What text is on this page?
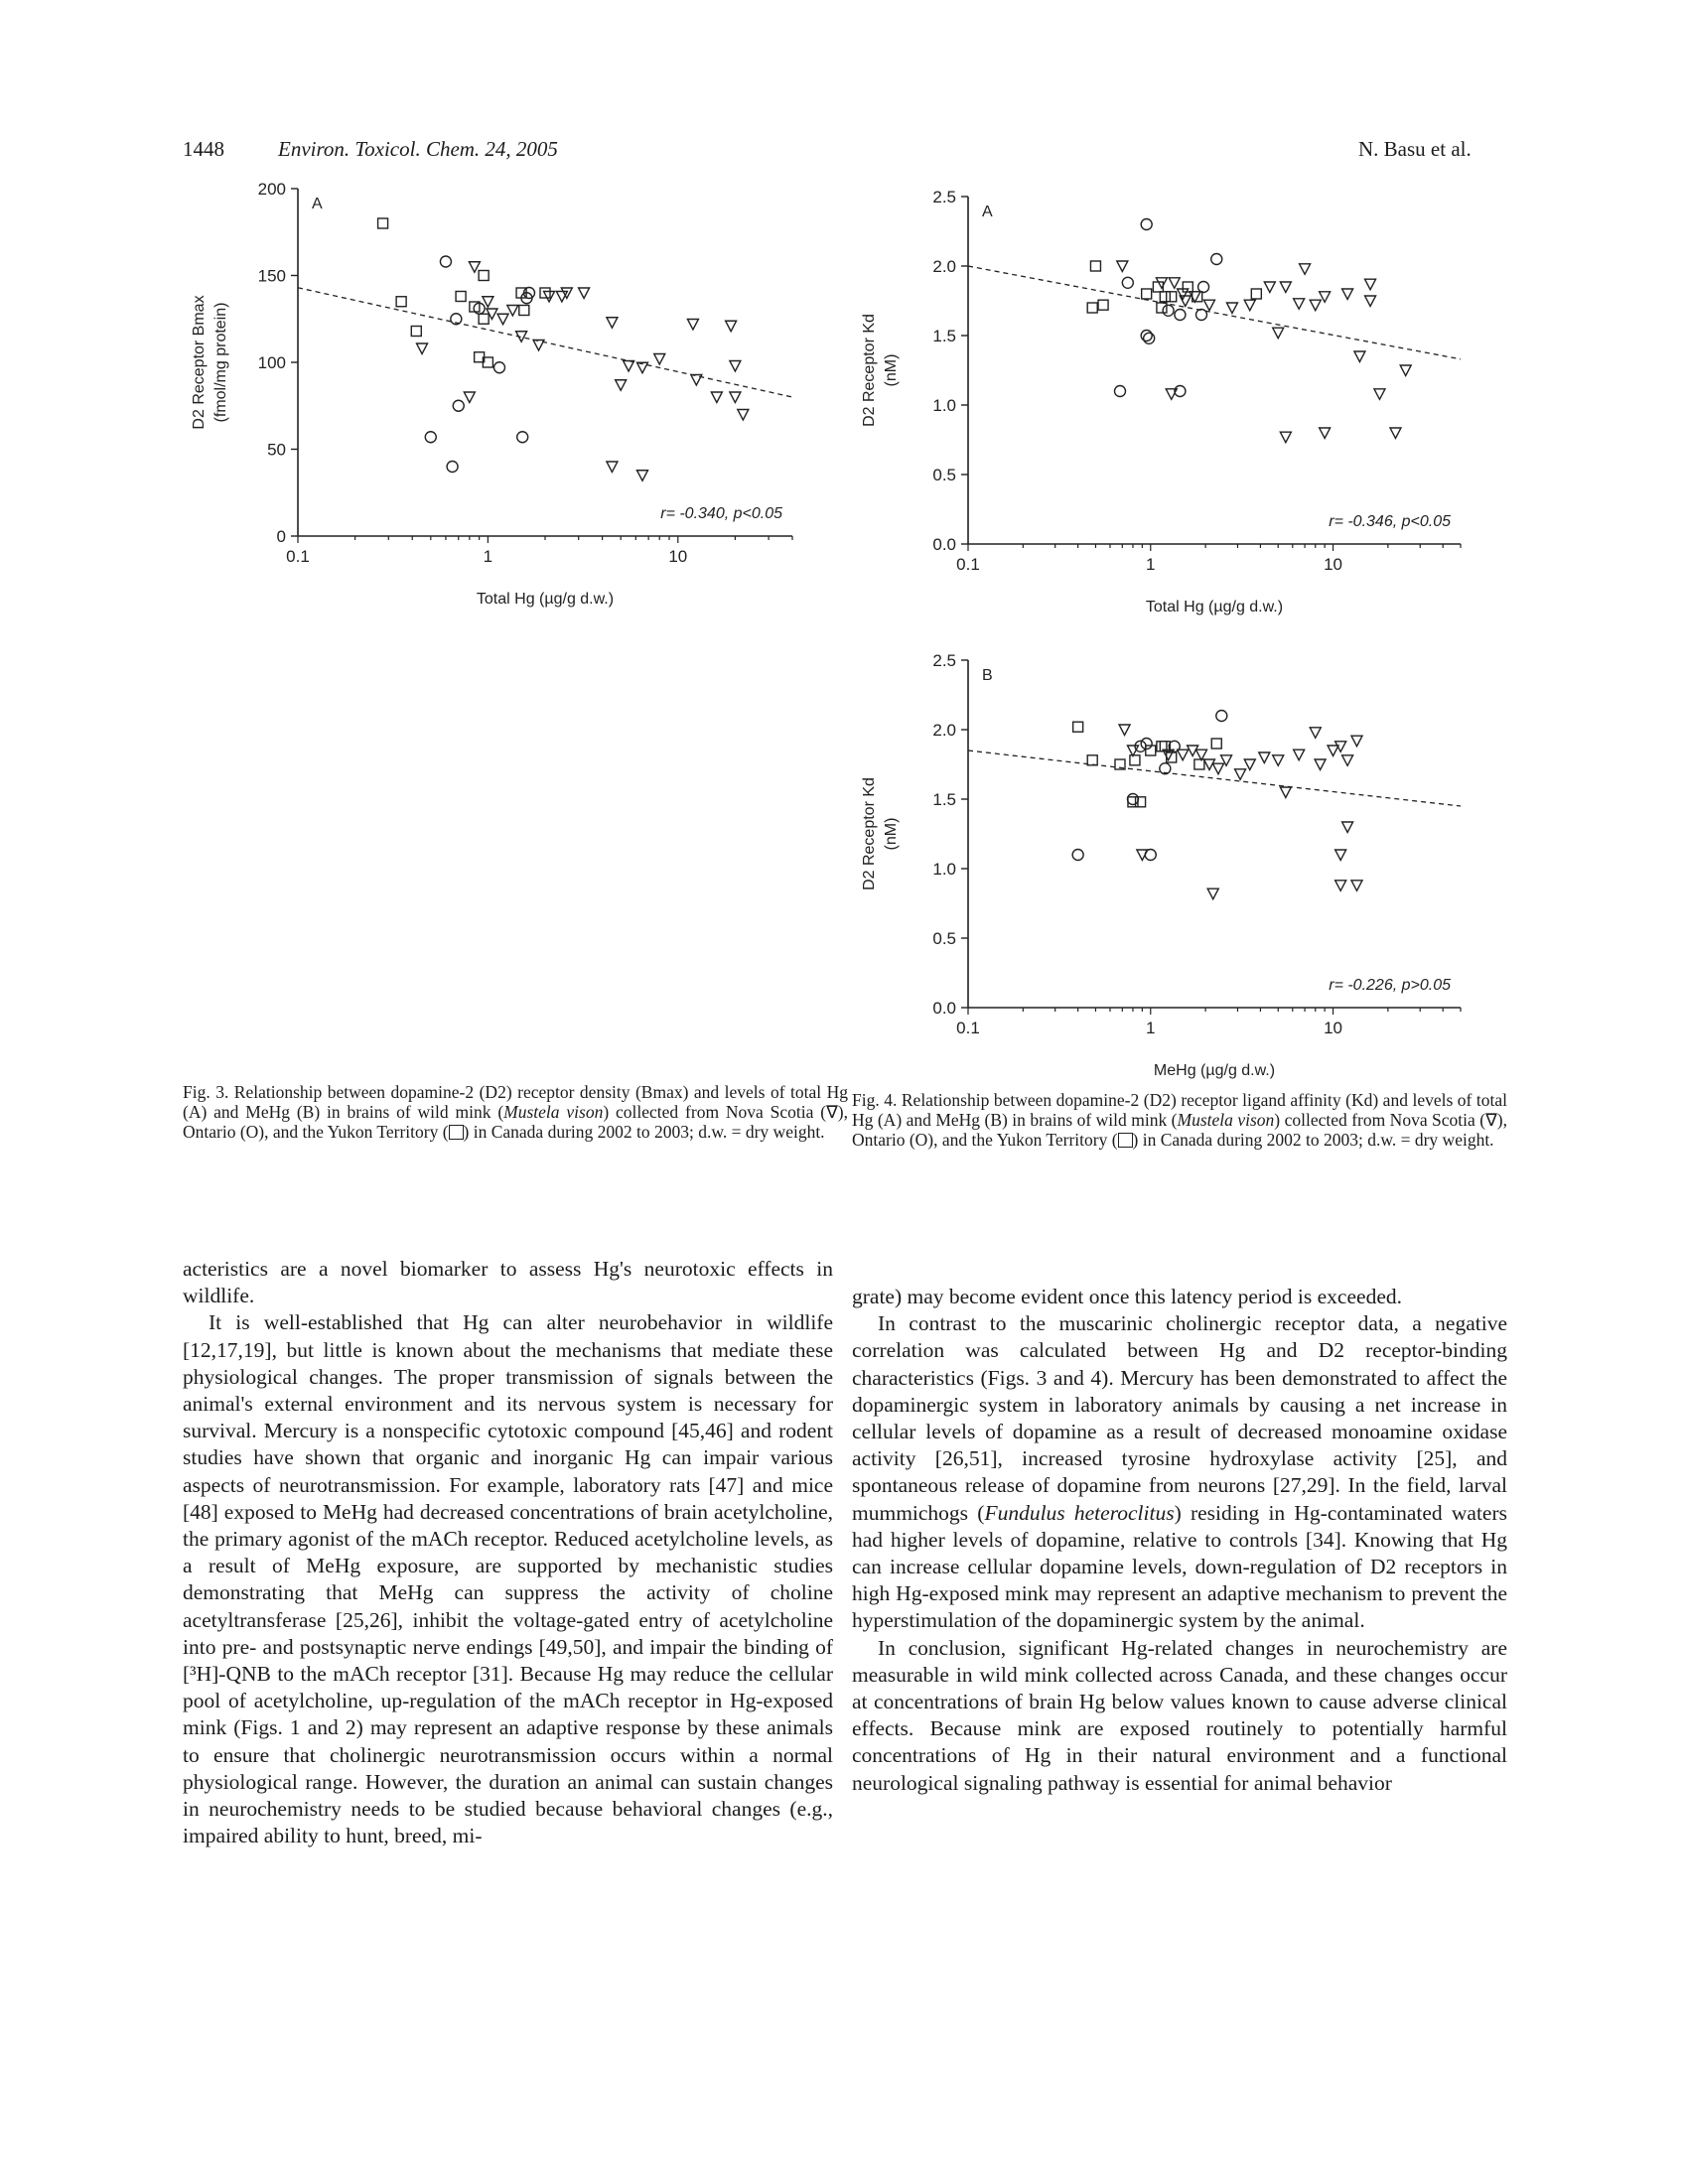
1448	Environ. Toxicol. Chem. 24, 2005	N. Basu et al.
0
50
100
150
200
0.1	1	10
Total Hg (µg/g d.w.)
D2 Receptor Bmax (fmol/mg protein)
A
r= -0.340, p<0.05
0.0
0.5
1.0
1.5
2.0
2.5
0.1	1	10
Total Hg (µg/g d.w.)
D2 Receptor Kd (nM)
A
r= -0.346, p<0.05
0.0
0.5
1.0
1.5
2.0
2.5
0.1	1	10
MeHg (µg/g d.w.)
D2 Receptor Kd (nM)
B
r= -0.226, p>0.05
Fig. 3. Relationship between dopamine-2 (D2) receptor density (Bmax) and levels of total Hg (A) and MeHg (B) in brains of wild mink (Mustela vison) collected from Nova Scotia (∇), Ontario (O), and the Yukon Territory ( ) in Canada during 2002 to 2003; d.w. = dry weight.
Fig. 4. Relationship between dopamine-2 (D2) receptor ligand affinity (Kd) and levels of total Hg (A) and MeHg (B) in brains of wild mink (Mustela vison) collected from Nova Scotia (∇), Ontario (O), and the Yukon Territory ( ) in Canada during 2002 to 2003; d.w. = dry weight.

acteristics are a novel biomarker to assess Hg's neurotoxic effects in wildlife.

It is well-established that Hg can alter neurobehavior in wildlife [12,17,19], but little is known about the mechanisms that mediate these physiological changes. The proper transmission of signals between the animal's external environment and its nervous system is necessary for survival. Mercury is a nonspecific cytotoxic compound [45,46] and rodent studies have shown that organic and inorganic Hg can impair various aspects of neurotransmission. For example, laboratory rats [47] and mice [48] exposed to MeHg had decreased concentrations of brain acetylcholine, the primary agonist of the mACh receptor. Reduced acetylcholine levels, as a result of MeHg exposure, are supported by mechanistic studies demonstrating that MeHg can suppress the activity of choline acetyltransferase [25,26], inhibit the voltage-gated entry of acetylcholine into pre- and postsynaptic nerve endings [49,50], and impair the binding of [³H]-QNB to the mACh receptor [31]. Because Hg may reduce the cellular pool of acetylcholine, up-regulation of the mACh receptor in Hg-exposed mink (Figs. 1 and 2) may represent an adaptive response by these animals to ensure that cholinergic neurotransmission occurs within a normal physiological range. However, the duration an animal can sustain changes in neurochemistry needs to be studied because behavioral changes (e.g., impaired ability to hunt, breed, mi-

grate) may become evident once this latency period is exceeded.

In contrast to the muscarinic cholinergic receptor data, a negative correlation was calculated between Hg and D2 receptor-binding characteristics (Figs. 3 and 4). Mercury has been demonstrated to affect the dopaminergic system in laboratory animals by causing a net increase in cellular levels of dopamine as a result of decreased monoamine oxidase activity [26,51], increased tyrosine hydroxylase activity [25], and spontaneous release of dopamine from neurons [27,29]. In the field, larval mummichogs (Fundulus heteroclitus) residing in Hg-contaminated waters had higher levels of dopamine, relative to controls [34]. Knowing that Hg can increase cellular dopamine levels, down-regulation of D2 receptors in high Hg-exposed mink may represent an adaptive mechanism to prevent the hyperstimulation of the dopaminergic system by the animal.

In conclusion, significant Hg-related changes in neurochemistry are measurable in wild mink collected across Canada, and these changes occur at concentrations of brain Hg below values known to cause adverse clinical effects. Because mink are exposed routinely to potentially harmful concentrations of Hg in their natural environment and a functional neurological signaling pathway is essential for animal behavior
